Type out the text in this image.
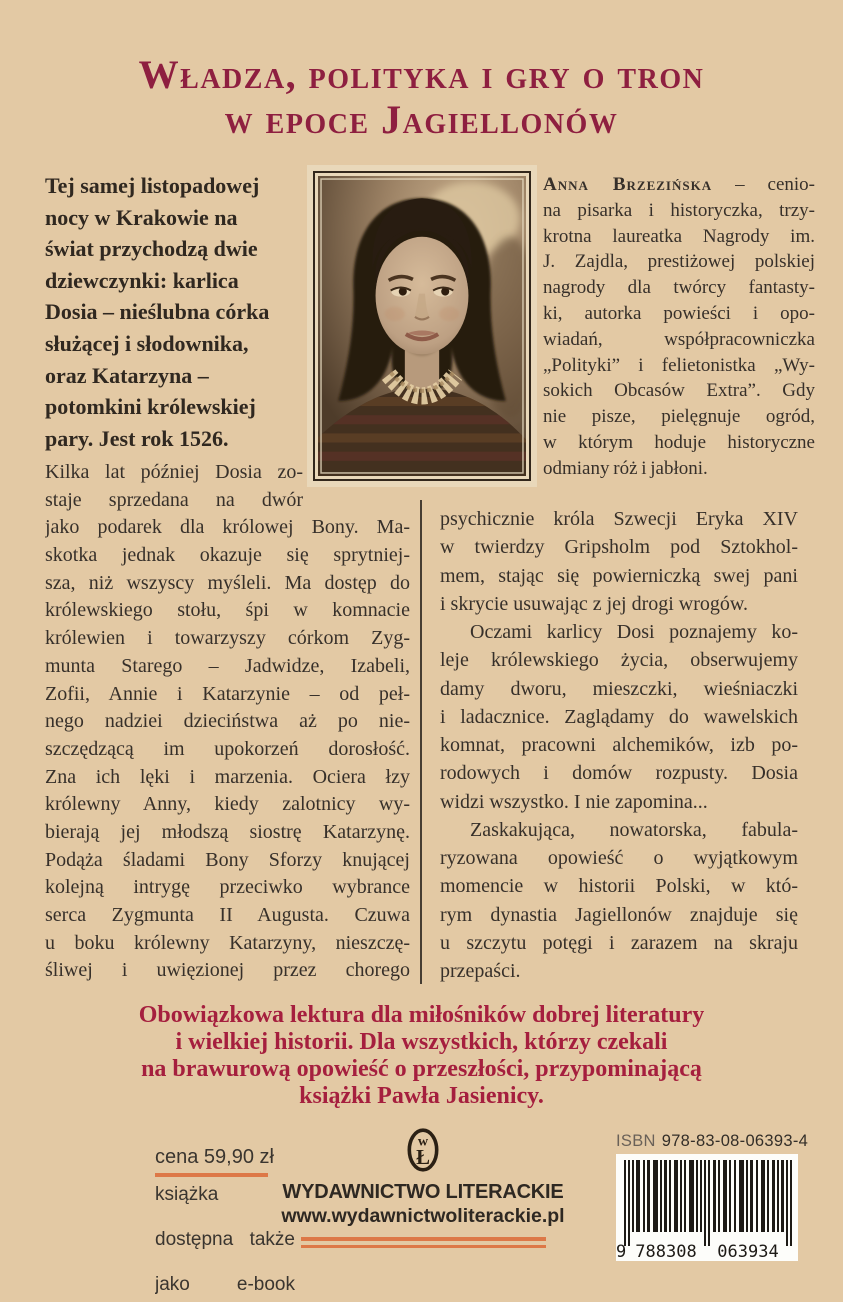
Władza, polityka i gry o tron
w epoce Jagiellonów
Tej samej listopadowej
nocy w Krakowie na
świat przychodzą dwie
dziewczynki: karlica
Dosia – nieślubna córka
służącej i słodownika,
oraz Katarzyna –
potomkini królewskiej
pary. Jest rok 1526.
Anna Brzezińska – cenio-
na pisarka i historyczka, trzy-
krotna laureatka Nagrody im.
J. Zajdla, prestiżowej polskiej
nagrody dla twórcy fantasty-
ki, autorka powieści i opo-
wiadań, współpracowniczka
„Polityki” i felietonistka „Wy-
sokich Obcasów Extra”. Gdy
nie pisze, pielęgnuje ogród,
w którym hoduje historyczne
odmiany róż i jabłoni.
Kilka lat później Dosia zo-
staje sprzedana na dwór
jako podarek dla królowej Bony. Ma-
skotka jednak okazuje się sprytniej-
sza, niż wszyscy myśleli. Ma dostęp do
królewskiego stołu, śpi w komnacie
królewien i towarzyszy córkom Zyg-
munta Starego – Jadwidze, Izabeli,
Zofii, Annie i Katarzynie – od peł-
nego nadziei dzieciństwa aż po nie-
szczędzącą im upokorzeń dorosłość.
Zna ich lęki i marzenia. Ociera łzy
królewny Anny, kiedy zalotnicy wy-
bierają jej młodszą siostrę Katarzynę.
Podąża śladami Bony Sforzy knującej
kolejną intrygę przeciwko wybrance
serca Zygmunta II Augusta. Czuwa
u boku królewny Katarzyny, nieszczę-
śliwej i uwięzionej przez chorego
psychicznie króla Szwecji Eryka XIV
w twierdzy Gripsholm pod Sztokhol-
mem, stając się powierniczką swej pani
i skrycie usuwając z jej drogi wrogów.
Oczami karlicy Dosi poznajemy ko-
leje królewskiego życia, obserwujemy
damy dworu, mieszczki, wieśniaczki
i ladacznice. Zaglądamy do wawelskich
komnat, pracowni alchemików, izb po-
rodowych i domów rozpusty. Dosia
widzi wszystko. I nie zapomina...
Zaskakująca, nowatorska, fabula-
ryzowana opowieść o wyjątkowym
momencie w historii Polski, w któ-
rym dynastia Jagiellonów znajduje się
u szczytu potęgi i zarazem na skraju
przepaści.
Obowiązkowa lektura dla miłośników dobrej literatury
i wielkiej historii. Dla wszystkich, którzy czekali
na brawurową opowieść o przeszłości, przypominającą
książki Pawła Jasienicy.
cena 59,90 zł
książka
dostępna także
jako e-book
w
Ł
WYDAWNICTWO LITERACKIE
www.wydawnictwoliterackie.pl
ISBN 978-83-08-06393-4
9 788308 063934
